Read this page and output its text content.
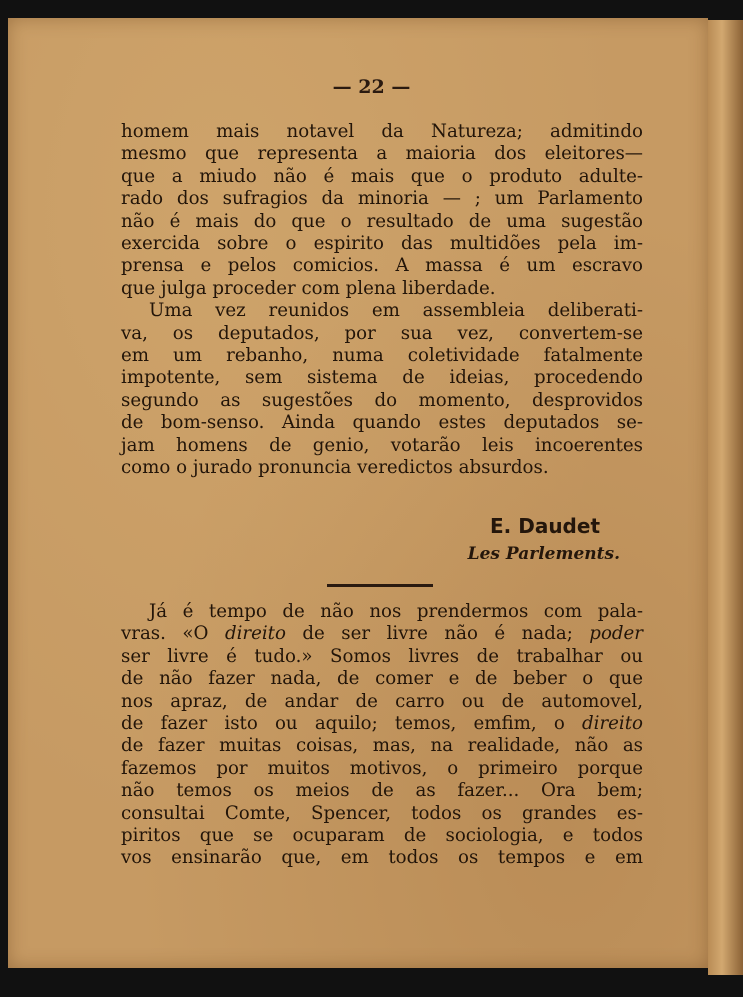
— 22 —
homem mais notavel da Natureza; admitindo
mesmo que representa a maioria dos eleitores—
que a miudo não é mais que o produto adulte-
rado dos sufragios da minoria — ; um Parlamento
não é mais do que o resultado de uma sugestão
exercida sobre o espirito das multidões pela im-
prensa e pelos comicios. A massa é um escravo
que julga proceder com plena liberdade.
Uma vez reunidos em assembleia deliberati-
va, os deputados, por sua vez, convertem-se
em um rebanho, numa coletividade fatalmente
impotente, sem sistema de ideias, procedendo
segundo as sugestões do momento, desprovidos
de bom-senso. Ainda quando estes deputados se-
jam homens de genio, votarão leis incoerentes
como o jurado pronuncia veredictos absurdos.
E. Daudet
Les Parlements.
Já é tempo de não nos prendermos com pala-
vras. «O direito de ser livre não é nada; poder
ser livre é tudo.» Somos livres de trabalhar ou
de não fazer nada, de comer e de beber o que
nos apraz, de andar de carro ou de automovel,
de fazer isto ou aquilo; temos, emfim, o direito
de fazer muitas coisas, mas, na realidade, não as
fazemos por muitos motivos, o primeiro porque
não temos os meios de as fazer... Ora bem;
consultai Comte, Spencer, todos os grandes es-
piritos que se ocuparam de sociologia, e todos
vos ensinarão que, em todos os tempos e em
